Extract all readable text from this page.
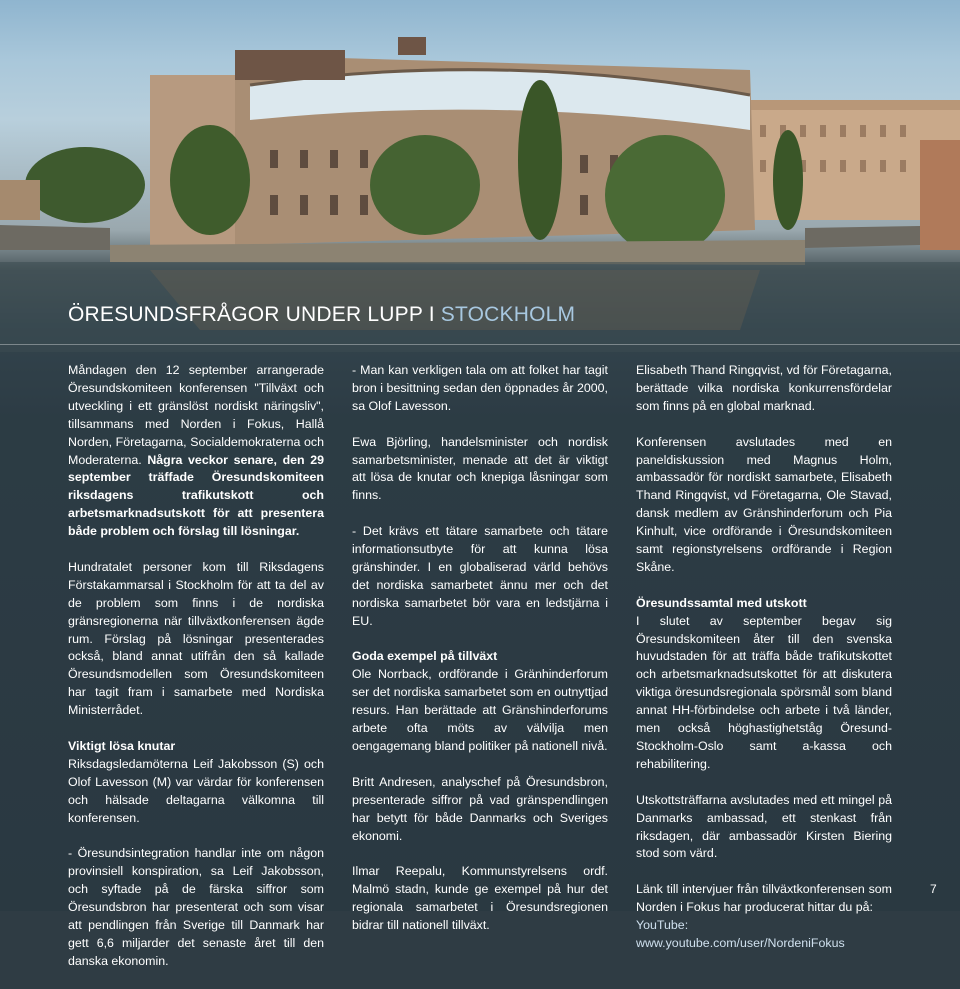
ÖRESUNDSFRÅGOR UNDER LUPP I STOCKHOLM

Måndagen den 12 september arrangerade Öresundskomiteen konferensen "Tillväxt och utveckling i ett gränslöst nordiskt näringsliv", tillsammans med Norden i Fokus, Hallå Norden, Företagarna, Socialdemokraterna och Moderaterna. Några veckor senare, den 29 september träffade Öresundskomiteen riksdagens trafikutskott och arbetsmarknadsutskott för att presentera både problem och förslag till lösningar.

Hundratalet personer kom till Riksdagens Förstakammarsal i Stockholm för att ta del av de problem som finns i de nordiska gränsregionerna när tillväxtkonferensen ägde rum. Förslag på lösningar presenterades också, bland annat utifrån den så kallade Öresundsmodellen som Öresundskomiteen har tagit fram i samarbete med Nordiska Ministerrådet.

Viktigt lösa knutar

Riksdagsledamöterna Leif Jakobsson (S) och Olof Lavesson (M) var värdar för konferensen och hälsade deltagarna välkomna till konferensen.

- Öresundsintegration handlar inte om någon provinsiell konspiration, sa Leif Jakobsson, och syftade på de färska siffror som Öresundsbron har presenterat och som visar att pendlingen från Sverige till Danmark har gett 6,6 miljarder det senaste året till den danska ekonomin.

- Man kan verkligen tala om att folket har tagit bron i besittning sedan den öppnades år 2000, sa Olof Lavesson.

Ewa Björling, handelsminister och nordisk samarbetsminister, menade att det är viktigt att lösa de knutar och knepiga låsningar som finns.

- Det krävs ett tätare samarbete och tätare informationsutbyte för att kunna lösa gränshinder. I en globaliserad värld behövs det nordiska samarbetet ännu mer och det nordiska samarbetet bör vara en ledstjärna i EU.

Goda exempel på tillväxt

Ole Norrback, ordförande i Gränhinderforum ser det nordiska samarbetet som en outnyttjad resurs. Han berättade att Gränshinderforums arbete ofta möts av välvilja men oengagemang bland politiker på nationell nivå.

Britt Andresen, analyschef på Öresundsbron, presenterade siffror på vad gränspendlingen har betytt för både Danmarks och Sveriges ekonomi.

Ilmar Reepalu, Kommunstyrelsens ordf. Malmö stadn, kunde ge exempel på hur det regionala samarbetet i Öresundsregionen bidrar till nationell tillväxt.

Elisabeth Thand Ringqvist, vd för Företagarna, berättade vilka nordiska konkurrensfördelar som finns på en global marknad.

Konferensen avslutades med en paneldiskussion med Magnus Holm, ambassadör för nordiskt samarbete, Elisabeth Thand Ringqvist, vd Företagarna, Ole Stavad, dansk medlem av Gränshinderforum och Pia Kinhult, vice ordförande i Öresundskomiteen samt regionstyrelsens ordförande i Region Skåne.

Öresundssamtal med utskott

I slutet av september begav sig Öresundskomiteen åter till den svenska huvudstaden för att träffa både trafikutskottet och arbetsmarknadsutskottet för att diskutera viktiga öresundsregionala spörsmål som bland annat HH-förbindelse och arbete i två länder, men också höghastighetståg Öresund- Stockholm-Oslo samt a-kassa och rehabilitering.

Utskottsträffarna avslutades med ett mingel på Danmarks ambassad, ett stenkast från riksdagen, där ambassadör Kirsten Biering stod som värd.

Länk till intervjuer från tillväxtkonferensen som Norden i Fokus har producerat hittar du på:

YouTube: www.youtube.com/user/NordeniFokus

7
